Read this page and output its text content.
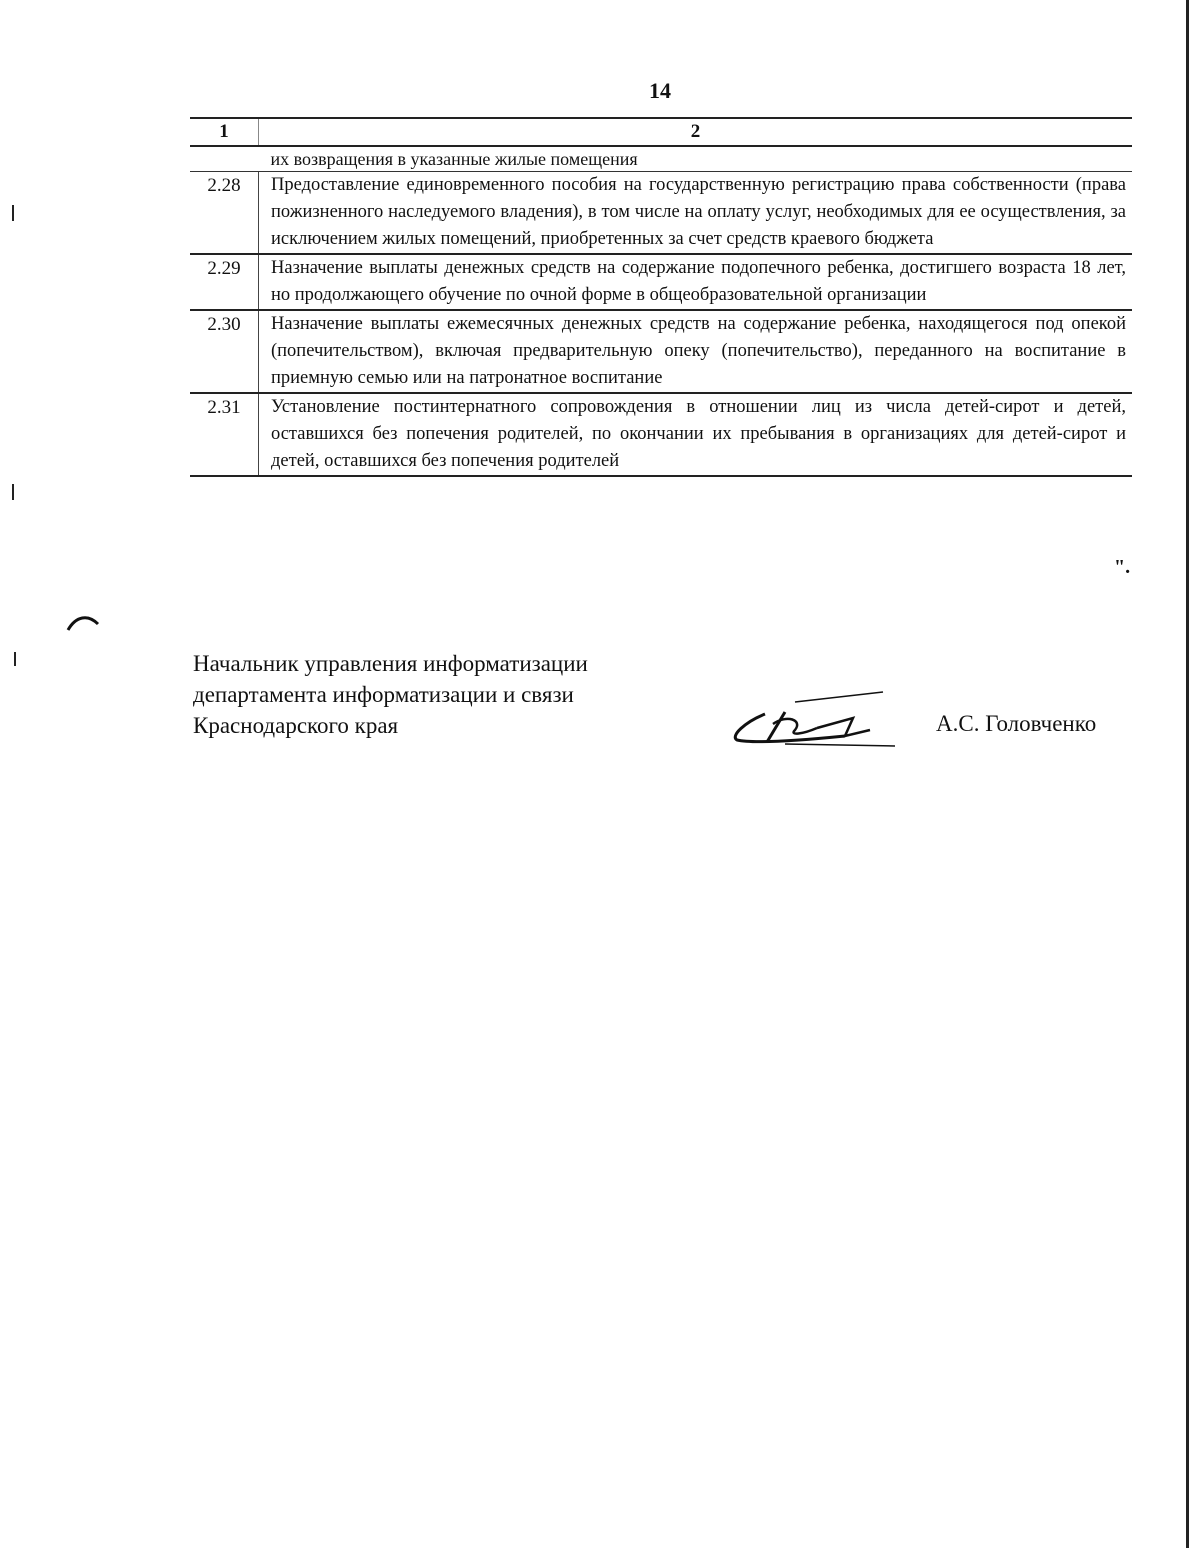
14
1	2
	их возвращения в указанные жилые помещения
2.28	Предоставление единовременного пособия на государственную регистрацию права собственности (права пожизненного наследуемого владения), в том числе на оплату услуг, необходимых для ее осуществления, за исключением жилых помещений, приобретенных за счет средств краевого бюджета
2.29	Назначение выплаты денежных средств на содержание подопечного ребенка, достигшего возраста 18 лет, но продолжающего обучение по очной форме в общеобразовательной организации
2.30	Назначение выплаты ежемесячных денежных средств на содержание ребенка, находящегося под опекой (попечительством), включая предварительную опеку (попечительство), переданного на воспитание в приемную семью или на патронатное воспитание
2.31	Установление постинтернатного сопровождения в отношении лиц из числа детей-сирот и детей, оставшихся без попечения родителей, по окончании их пребывания в организациях для детей-сирот и детей, оставшихся без попечения родителей
".
Начальник управления информатизации
департамента информатизации и связи
Краснодарского края	А.С. Головченко
